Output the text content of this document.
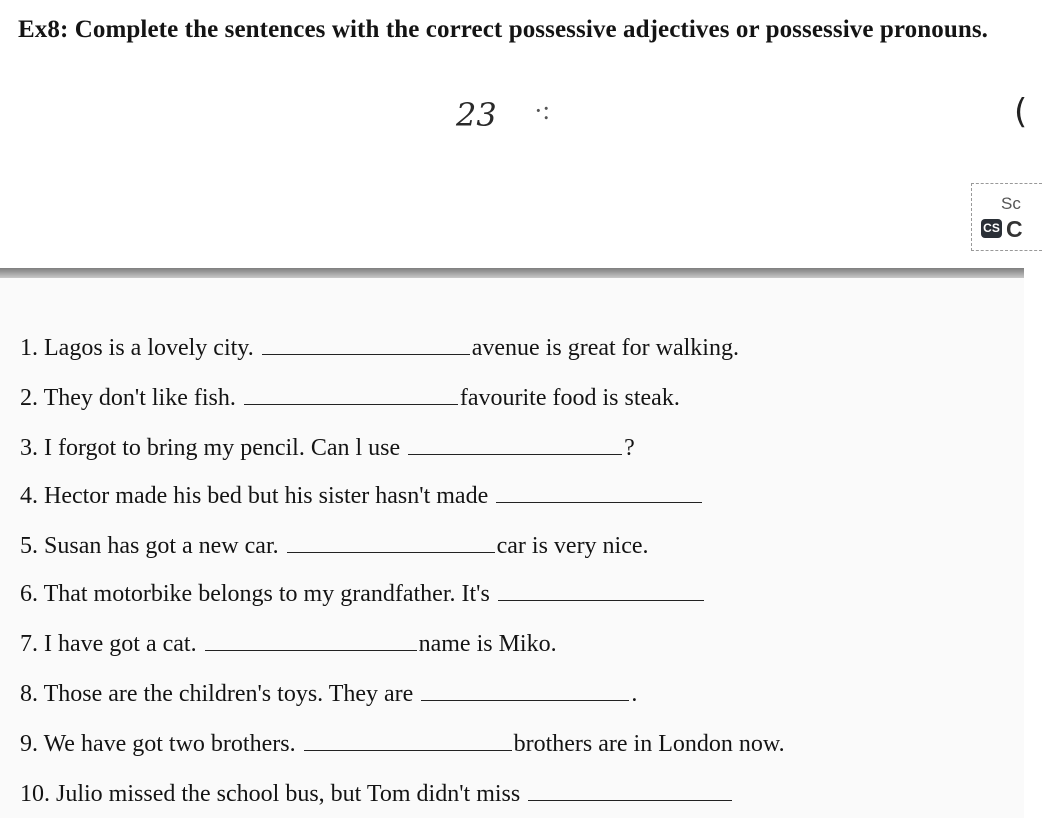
Ex8: Complete the sentences with the correct possessive adjectives or possessive pronouns.
23 ·:	(
Sc
CS C
1. Lagos is a lovely city.	avenue is great for walking.
2. They don't like fish.	favourite food is steak.
3. I forgot to bring my pencil. Can l use	?
4. Hector made his bed but his sister hasn't made
5. Susan has got a new car.	car is very nice.
6. That motorbike belongs to my grandfather. It's
7. I have got a cat.	name is Miko.
8. Those are the children's toys. They are	.
9. We have got two brothers.	brothers are in London now.
10. Julio missed the school bus, but Tom didn't miss
